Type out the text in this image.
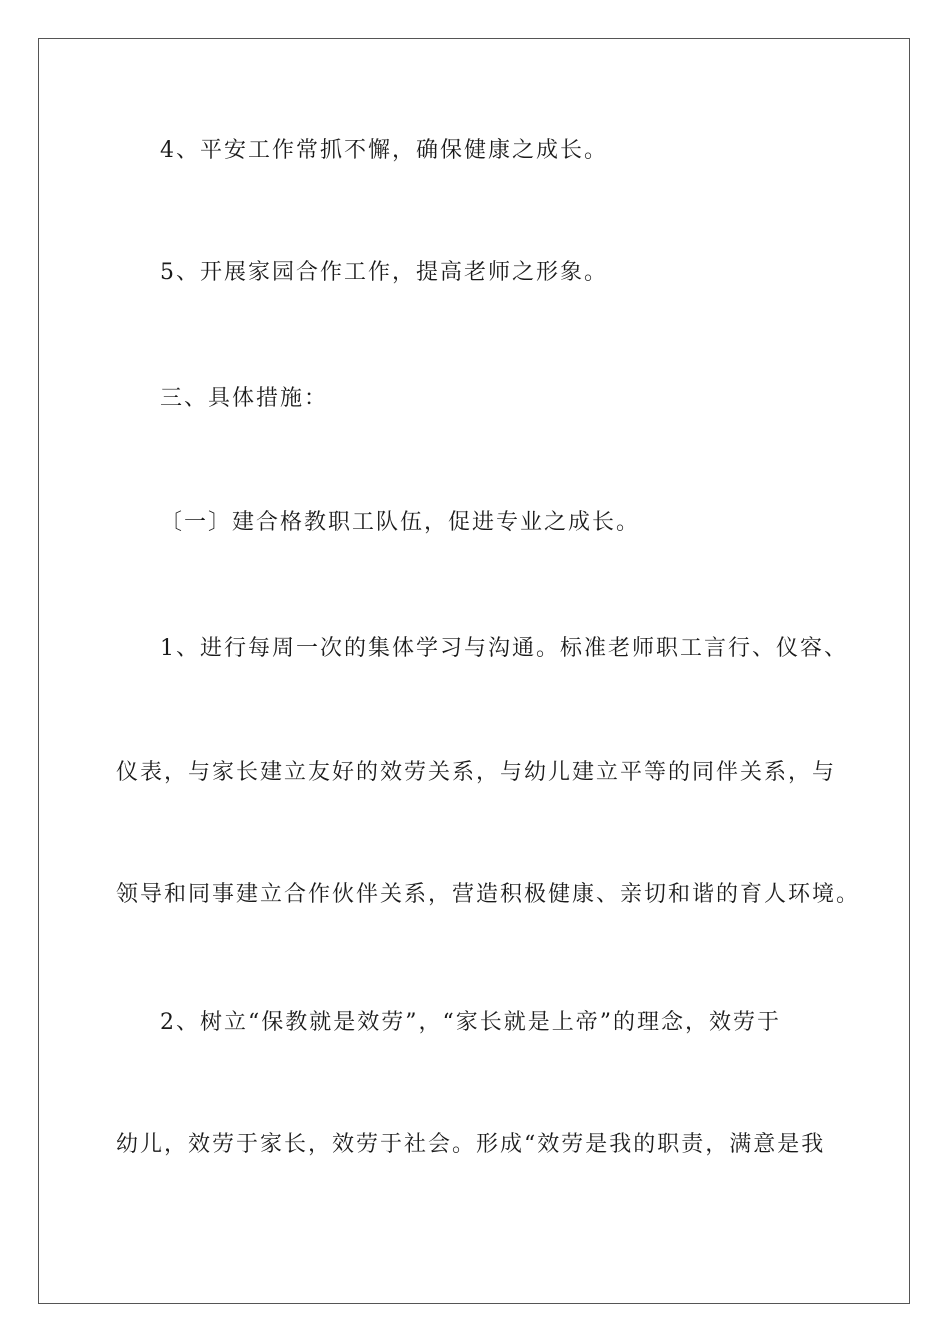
4、平安工作常抓不懈，确保健康之成长。
5、开展家园合作工作，提高老师之形象。
三、具体措施：
〔一〕建合格教职工队伍，促进专业之成长。
1、进行每周一次的集体学习与沟通。标准老师职工言行、仪容、
仪表，与家长建立友好的效劳关系，与幼儿建立平等的同伴关系，与
领导和同事建立合作伙伴关系，营造积极健康、亲切和谐的育人环境。
2、树立“保教就是效劳”，“家长就是上帝”的理念，效劳于
幼儿，效劳于家长，效劳于社会。形成“效劳是我的职责，满意是我
